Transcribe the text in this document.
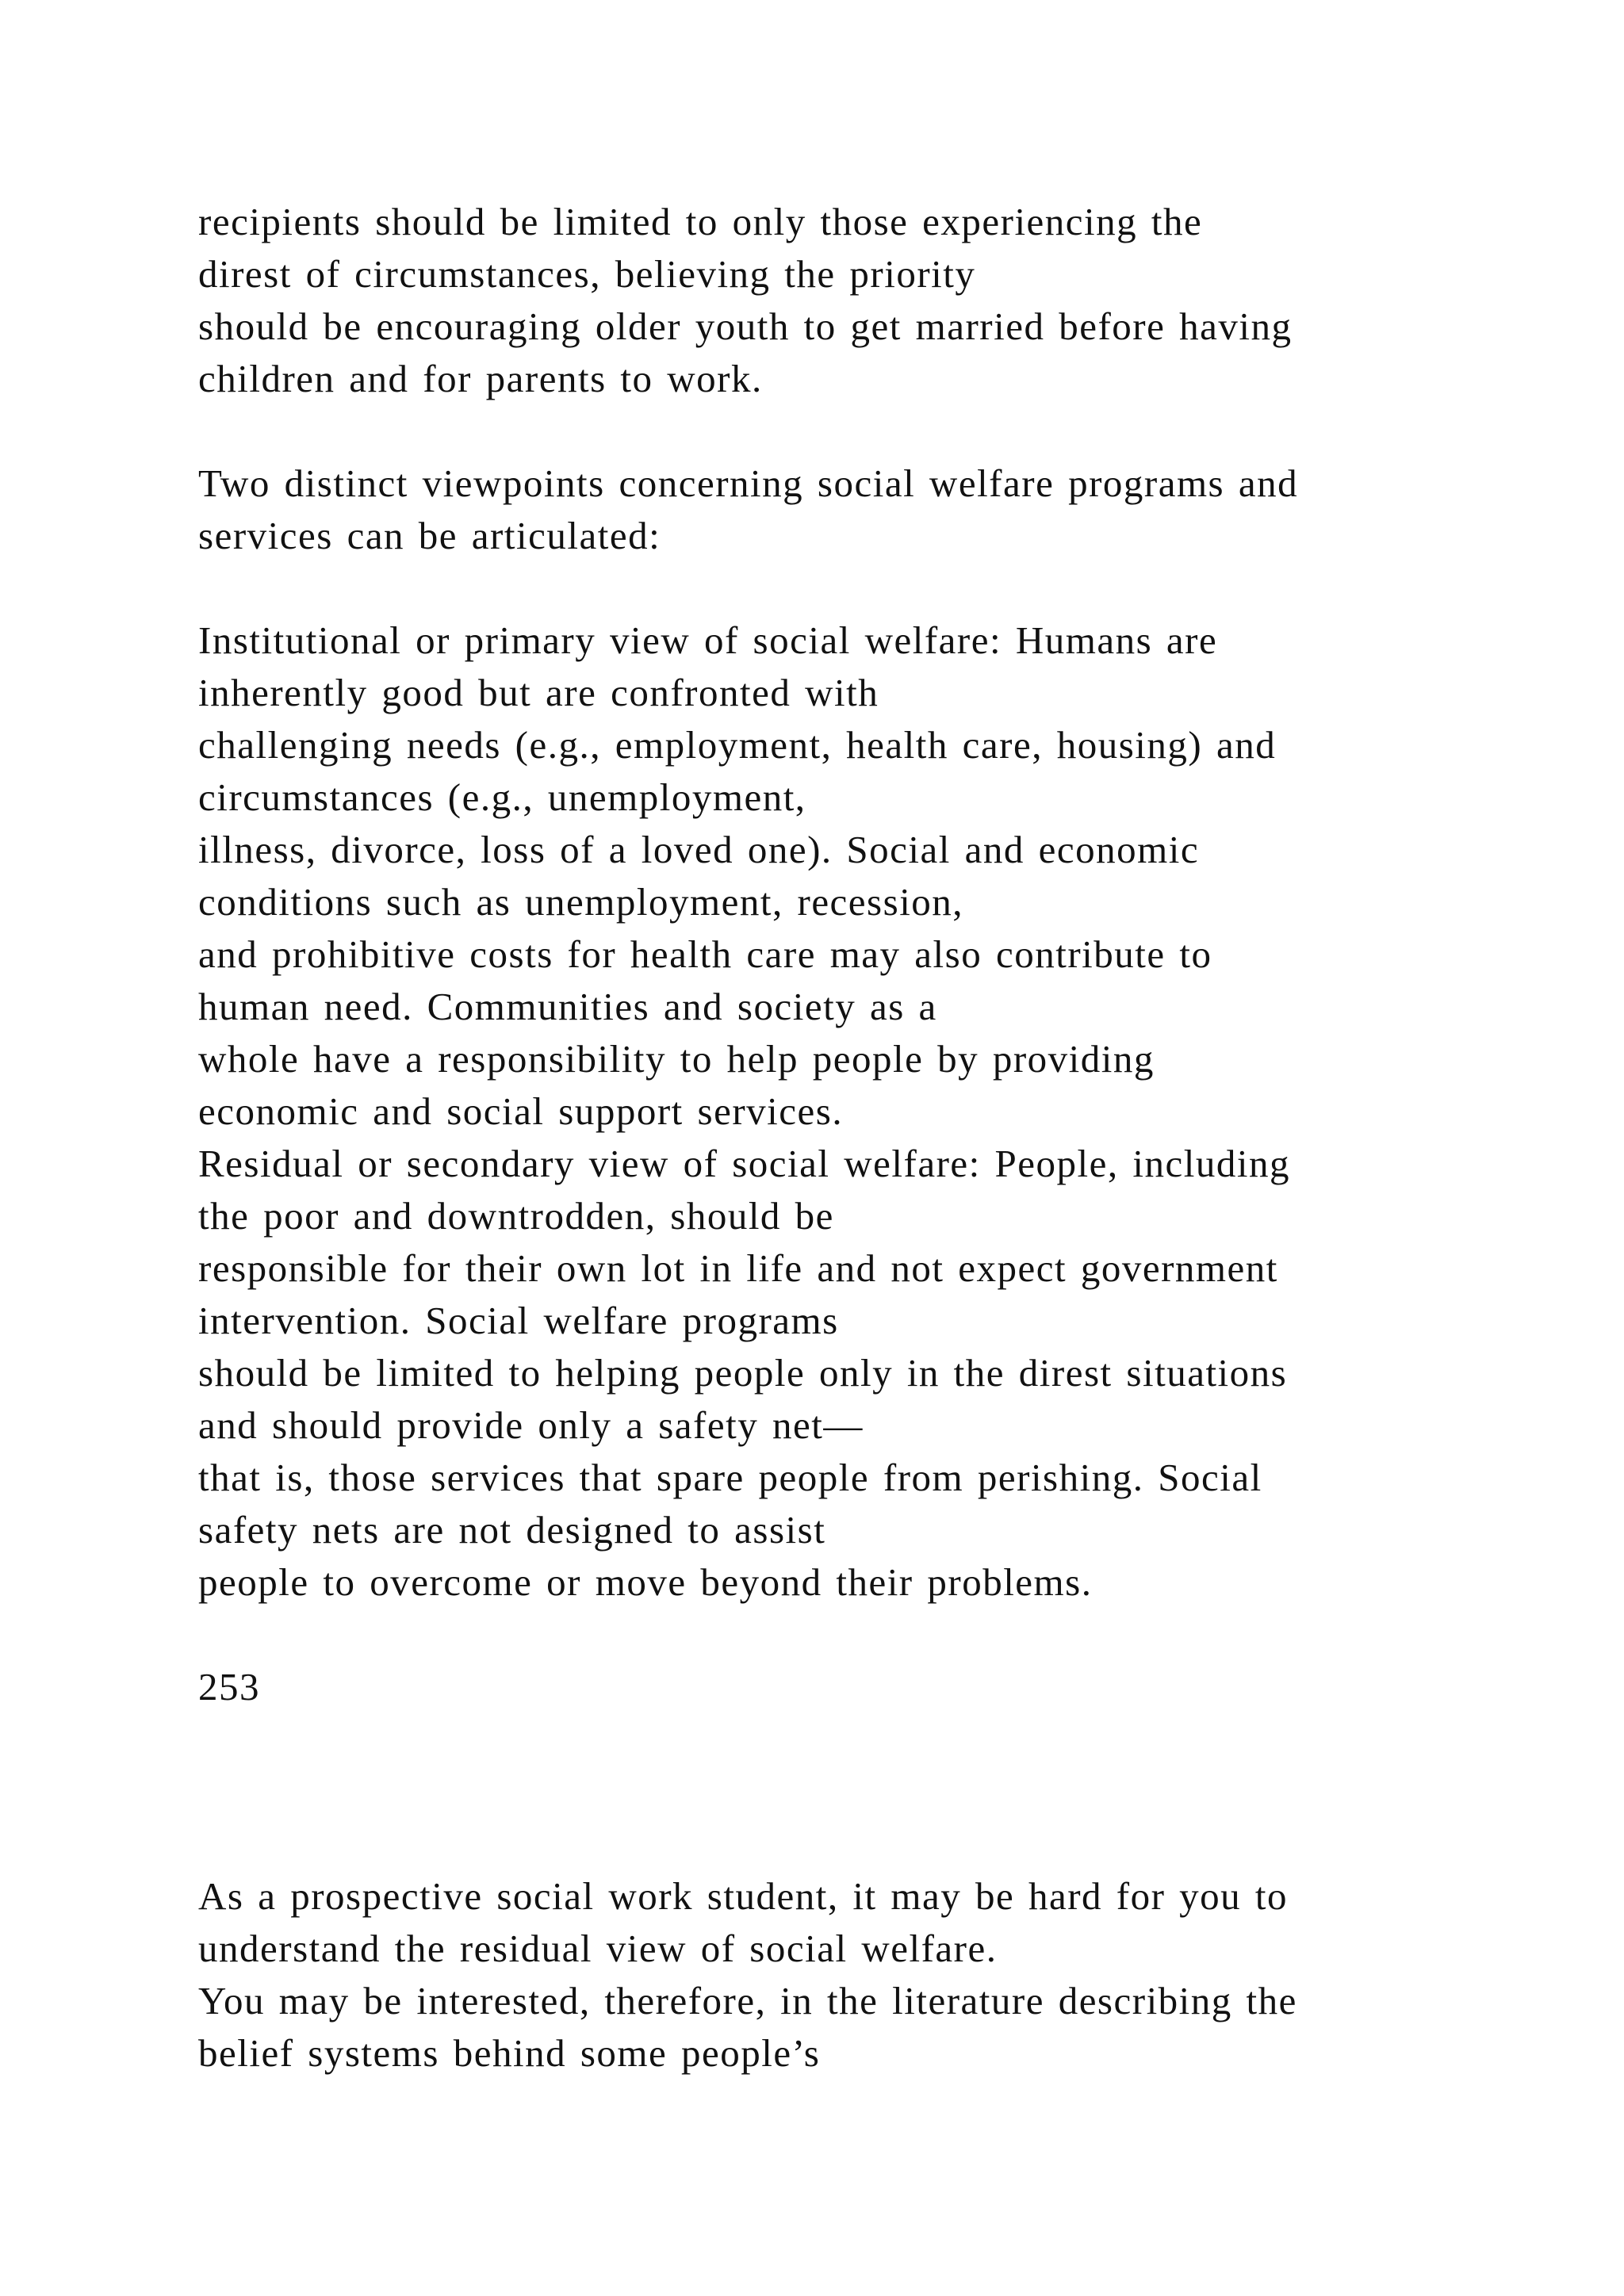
recipients should be limited to only those experiencing the
direst of circumstances, believing the priority
should be encouraging older youth to get married before having
children and for parents to work.
Two distinct viewpoints concerning social welfare programs and
services can be articulated:
Institutional or primary view of social welfare: Humans are
inherently good but are confronted with
challenging needs (e.g., employment, health care, housing) and
circumstances (e.g., unemployment,
illness, divorce, loss of a loved one). Social and economic
conditions such as unemployment, recession,
and prohibitive costs for health care may also contribute to
human need. Communities and society as a
whole have a responsibility to help people by providing
economic and social support services.
Residual or secondary view of social welfare: People, including
the poor and downtrodden, should be
responsible for their own lot in life and not expect government
intervention. Social welfare programs
should be limited to helping people only in the direst situations
and should provide only a safety net—
that is, those services that spare people from perishing. Social
safety nets are not designed to assist
people to overcome or move beyond their problems.
253
As a prospective social work student, it may be hard for you to
understand the residual view of social welfare.
You may be interested, therefore, in the literature describing the
belief systems behind some people’s
